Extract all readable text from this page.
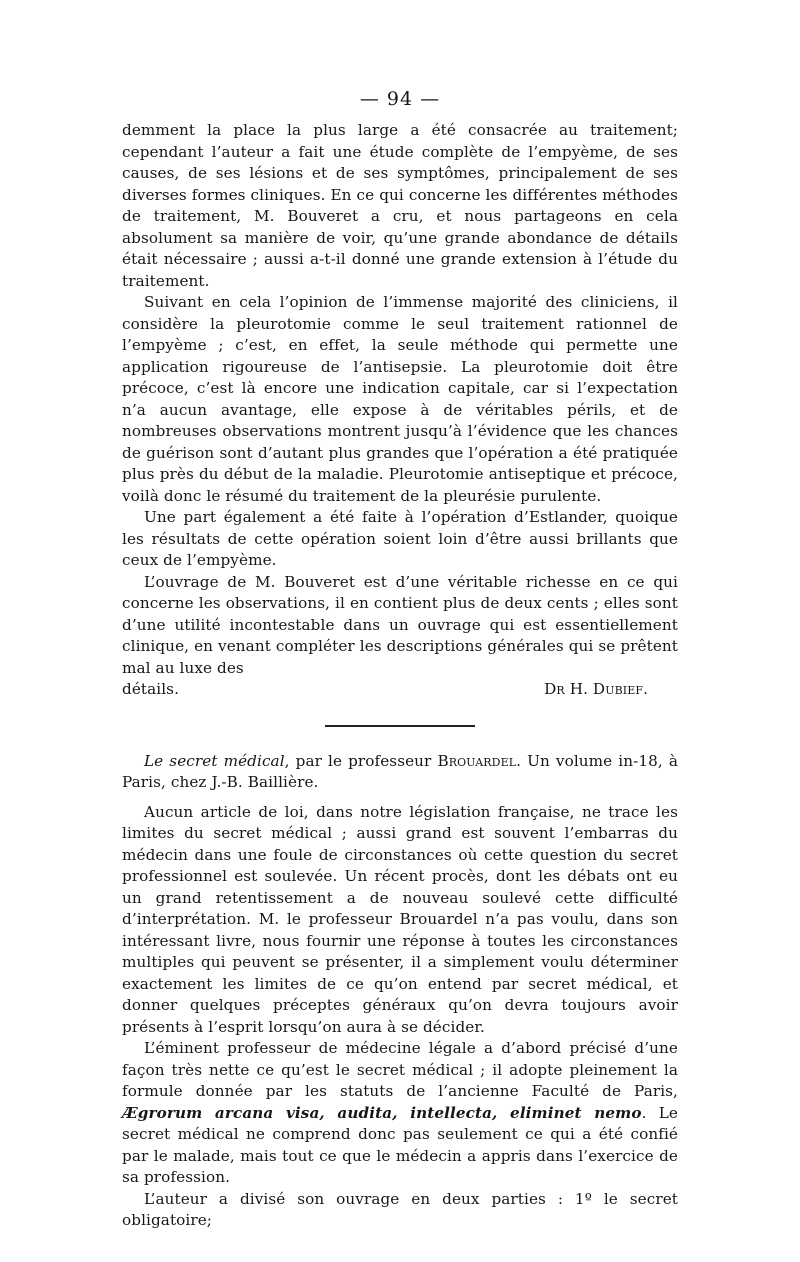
— 94 —

demment la place la plus large a été consacrée au traitement; cependant l’auteur a fait une étude complète de l’empyème, de ses causes, de ses lésions et de ses symptômes, principalement de ses diverses formes cliniques. En ce qui concerne les différentes méthodes de traitement, M. Bouveret a cru, et nous partageons en cela absolument sa manière de voir, qu’une grande abondance de détails était nécessaire ; aussi a-t-il donné une grande extension à l’étude du traitement.

Suivant en cela l’opinion de l’immense majorité des cliniciens, il considère la pleurotomie comme le seul traitement rationnel de l’empyème ; c’est, en effet, la seule méthode qui permette une application rigoureuse de l’antisepsie. La pleurotomie doit être précoce, c’est là encore une indication capitale, car si l’expectation n’a aucun avantage, elle expose à de véritables périls, et de nombreuses observations montrent jusqu’à l’évidence que les chances de guérison sont d’autant plus grandes que l’opération a été pratiquée plus près du début de la maladie. Pleurotomie antiseptique et précoce, voilà donc le résumé du traitement de la pleurésie purulente.

Une part également a été faite à l’opération d’Estlander, quoique les résultats de cette opération soient loin d’être aussi brillants que ceux de l’empyème.

L’ouvrage de M. Bouveret est d’une véritable richesse en ce qui concerne les observations, il en contient plus de deux cents ; elles sont d’une utilité incontestable dans un ouvrage qui est essentiellement clinique, en venant compléter les descriptions générales qui se prêtent mal au luxe des

détails.	Dr H. Dubief.

Le secret médical, par le professeur Brouardel. Un volume in-18, à Paris, chez J.-B. Baillière.

Aucun article de loi, dans notre législation française, ne trace les limites du secret médical ; aussi grand est souvent l’embarras du médecin dans une foule de circonstances où cette question du secret professionnel est soulevée. Un récent procès, dont les débats ont eu un grand retentissement a de nouveau soulevé cette difficulté d’interprétation. M. le professeur Brouardel n’a pas voulu, dans son intéressant livre, nous fournir une réponse à toutes les circonstances multiples qui peuvent se présenter, il a simplement voulu déterminer exactement les limites de ce qu’on entend par secret médical, et donner quelques préceptes généraux qu’on devra toujours avoir présents à l’esprit lorsqu’on aura à se décider.

L’éminent professeur de médecine légale a d’abord précisé d’une façon très nette ce qu’est le secret médical ; il adopte pleinement la formule donnée par les statuts de l’ancienne Faculté de Paris, Ægrorum arcana visa, audita, intellecta, eliminet nemo. Le secret médical ne comprend donc pas seulement ce qui a été confié par le malade, mais tout ce que le médecin a appris dans l’exercice de sa profession.

L’auteur a divisé son ouvrage en deux parties : 1º le secret obligatoire;
